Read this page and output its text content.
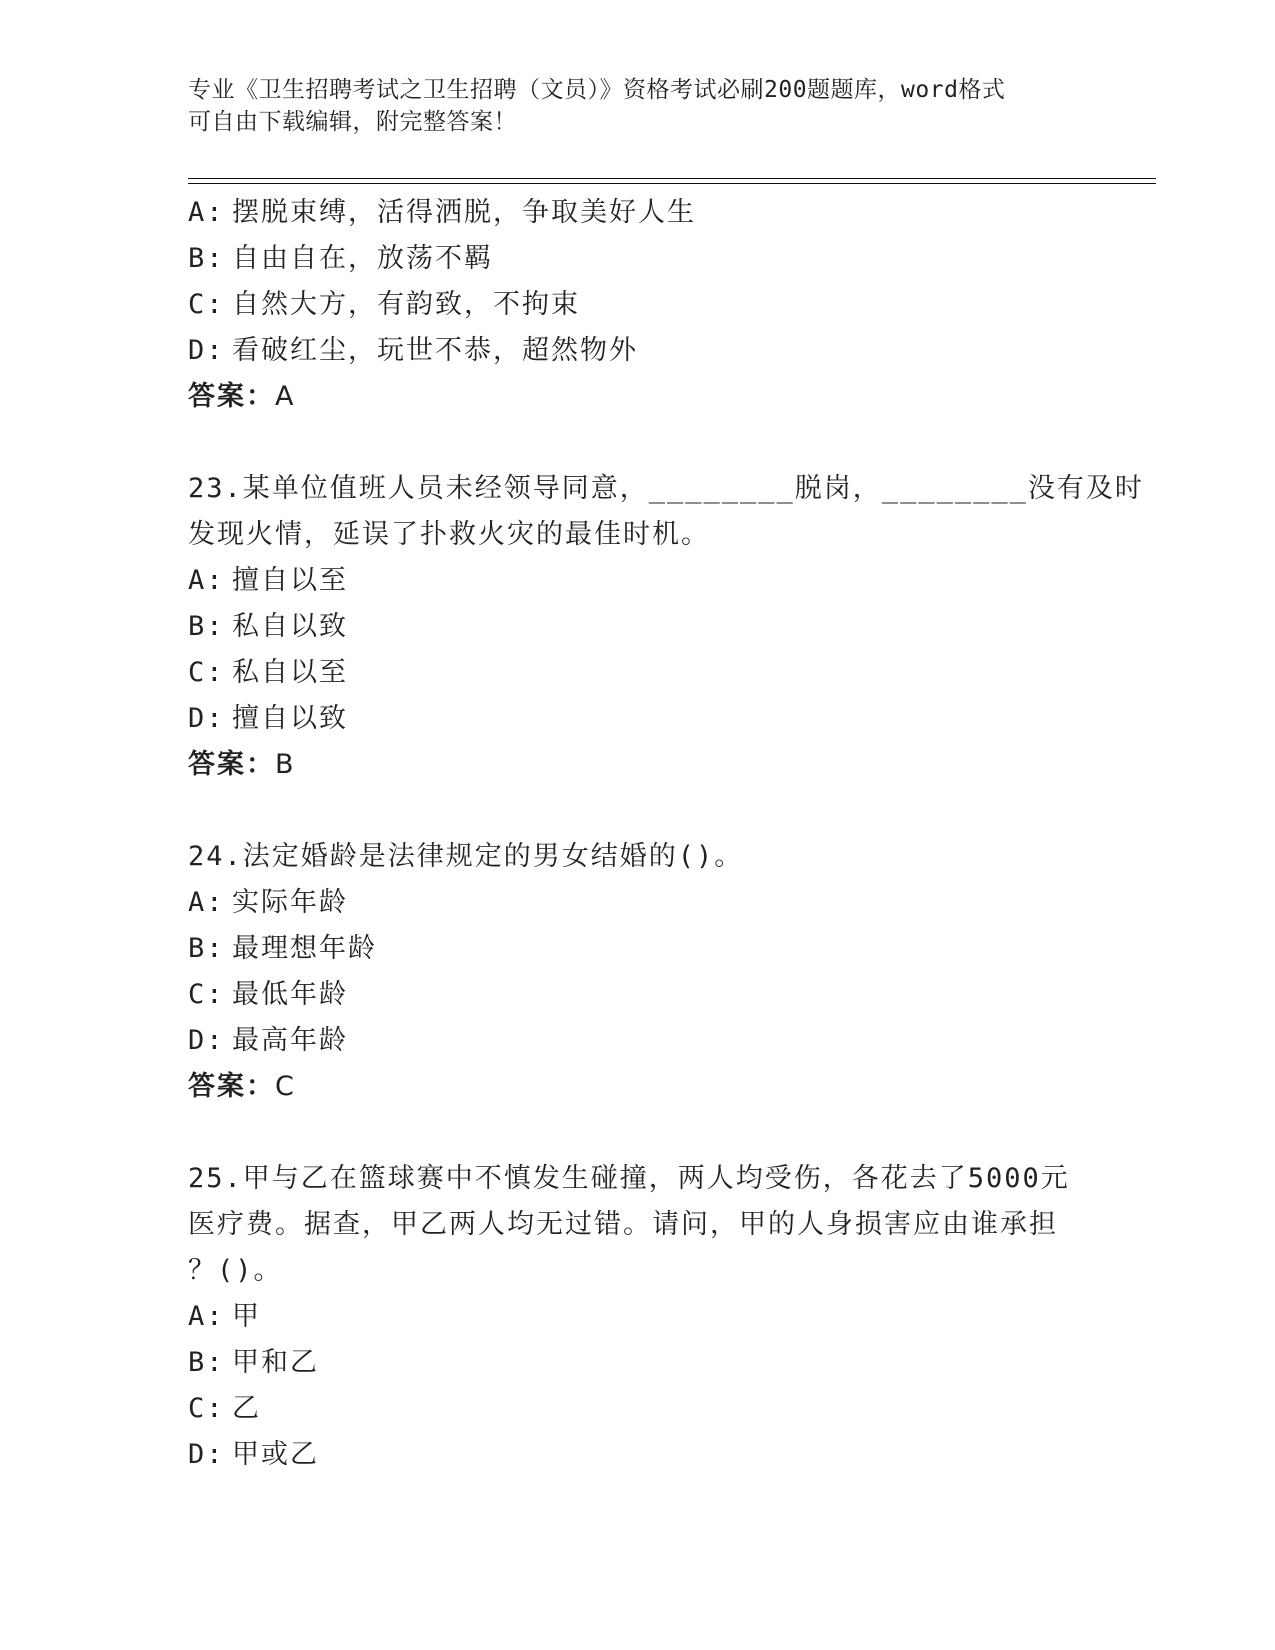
专业《卫生招聘考试之卫生招聘（文员）》资格考试必刷200题题库，word格式
可自由下载编辑，附完整答案！
A: 摆脱束缚，活得洒脱，争取美好人生
B: 自由自在，放荡不羁
C: 自然大方，有韵致，不拘束
D: 看破红尘，玩世不恭，超然物外
答案：A
23.某单位值班人员未经领导同意，________脱岗，________没有及时
发现火情，延误了扑救火灾的最佳时机。
A: 擅自以至
B: 私自以致
C: 私自以至
D: 擅自以致
答案：B
24.法定婚龄是法律规定的男女结婚的()。
A: 实际年龄
B: 最理想年龄
C: 最低年龄
D: 最高年龄
答案：C
25.甲与乙在篮球赛中不慎发生碰撞，两人均受伤，各花去了5000元
医疗费。据查，甲乙两人均无过错。请问，甲的人身损害应由谁承担
？()。
A: 甲
B: 甲和乙
C: 乙
D: 甲或乙
